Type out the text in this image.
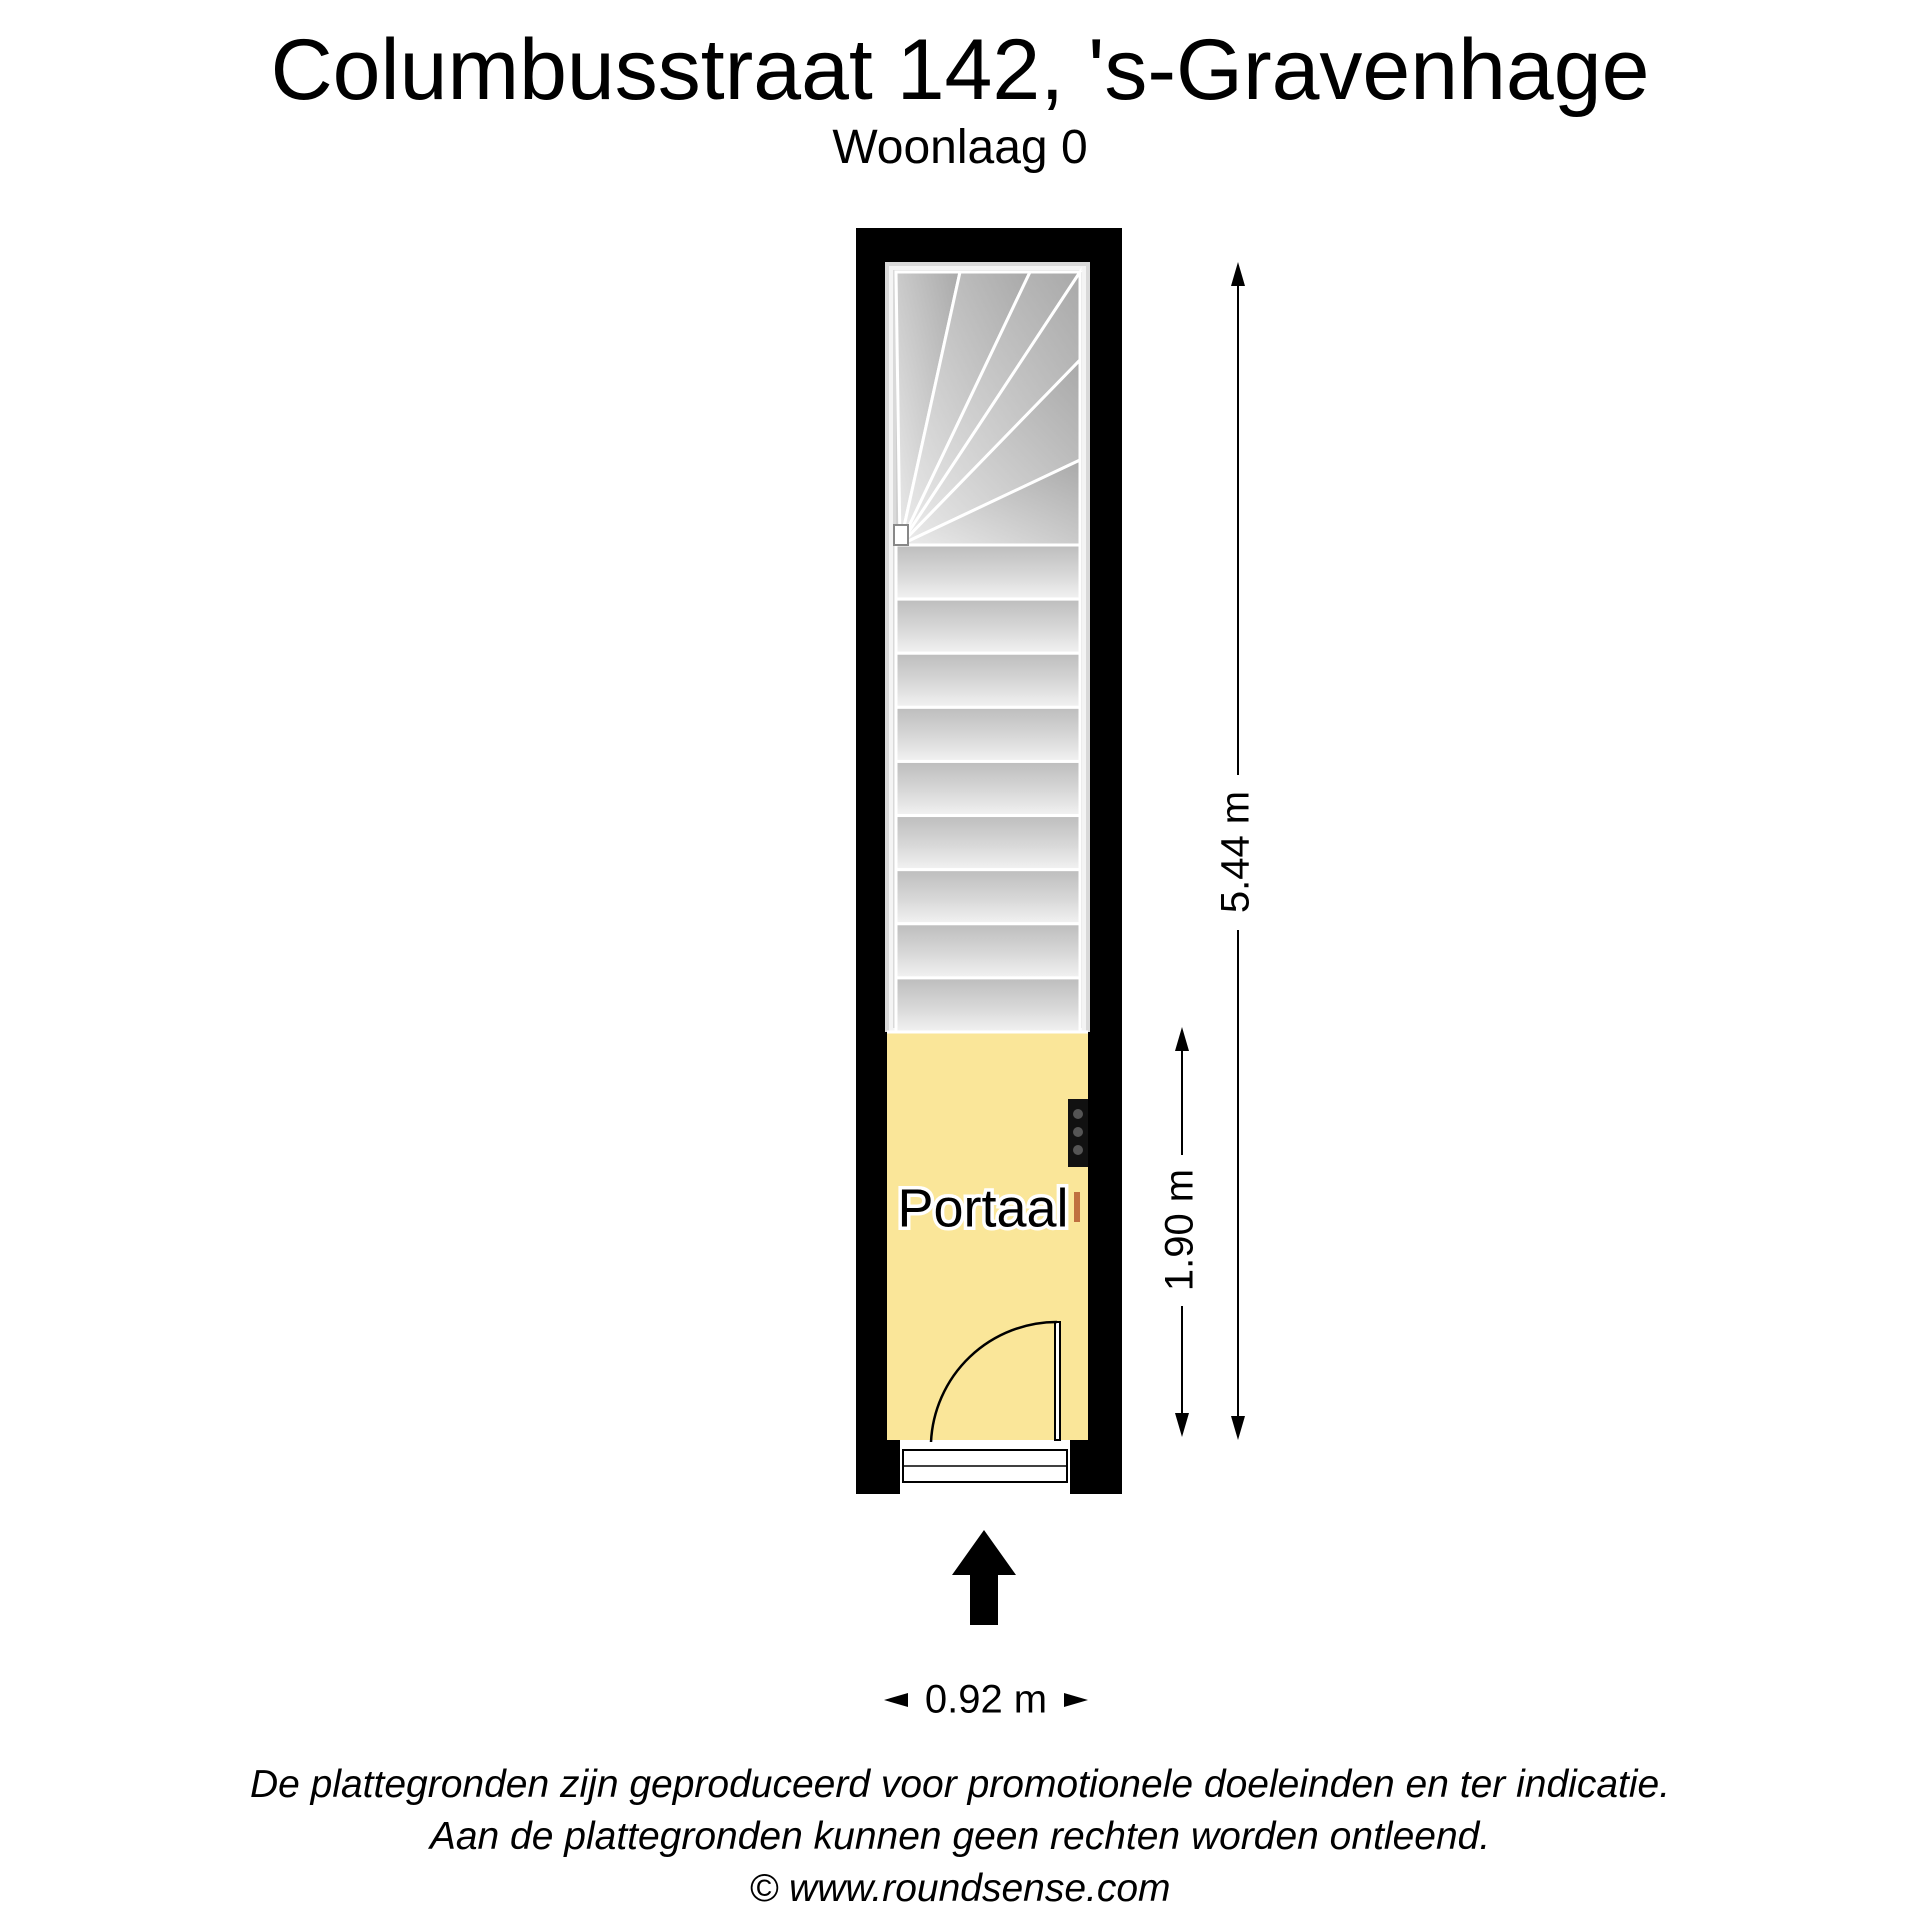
Columbusstraat 142, 's-Gravenhage
Woonlaag 0
5.44 m
1.90 m
0.92 m
Portaal
De plattegronden zijn geproduceerd voor promotionele doeleinden en ter indicatie.
Aan de plattegronden kunnen geen rechten worden ontleend.
© www.roundsense.com
